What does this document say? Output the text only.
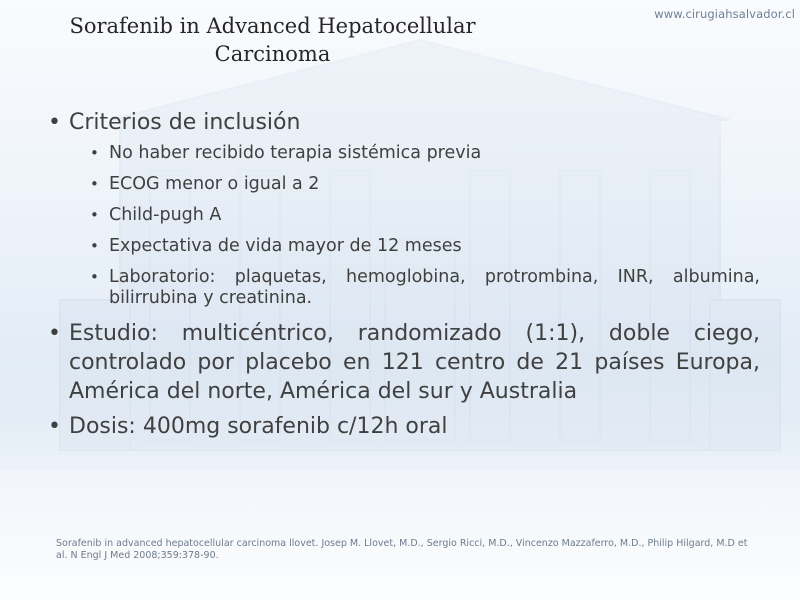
www.cirugiahsalvador.cl
Sorafenib in Advanced Hepatocellular
Carcinoma
• Criterios de inclusión
• No haber recibido terapia sistémica previa
• ECOG menor o igual a 2
• Child-pugh A
• Expectativa de vida mayor de 12 meses
• Laboratorio: plaquetas, hemoglobina, protrombina, INR, albumina, bilirrubina y creatinina.
• Estudio: multicéntrico, randomizado (1:1), doble ciego, controlado por placebo en 121 centro de 21 países Europa, América del norte, América del sur y Australia
• Dosis: 400mg sorafenib c/12h oral
Sorafenib in advanced hepatocellular carcinoma llovet. Josep M. Llovet, M.D., Sergio Ricci, M.D., Vincenzo Mazzaferro, M.D., Philip Hilgard, M.D et al. N Engl J Med 2008;359:378-90.
